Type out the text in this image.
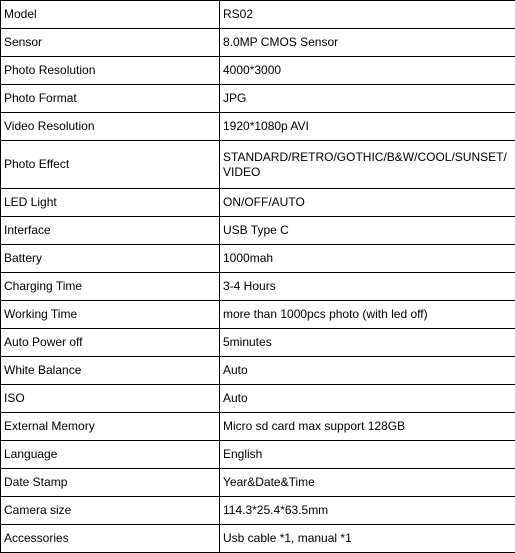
Model	RS02
Sensor	8.0MP CMOS Sensor
Photo Resolution	4000*3000
Photo Format	JPG
Video Resolution	1920*1080p AVI
Photo Effect	STANDARD/RETRO/GOTHIC/B&W/COOL/SUNSET/ VIDEO
LED Light	ON/OFF/AUTO
Interface	USB Type C
Battery	1000mah
Charging Time	3-4 Hours
Working Time	more than 1000pcs photo (with led off)
Auto Power off	5minutes
White Balance	Auto
ISO	Auto
External Memory	Micro sd card max support 128GB
Language	English
Date Stamp	Year&Date&Time
Camera size	114.3*25.4*63.5mm
Accessories	Usb cable *1, manual *1
